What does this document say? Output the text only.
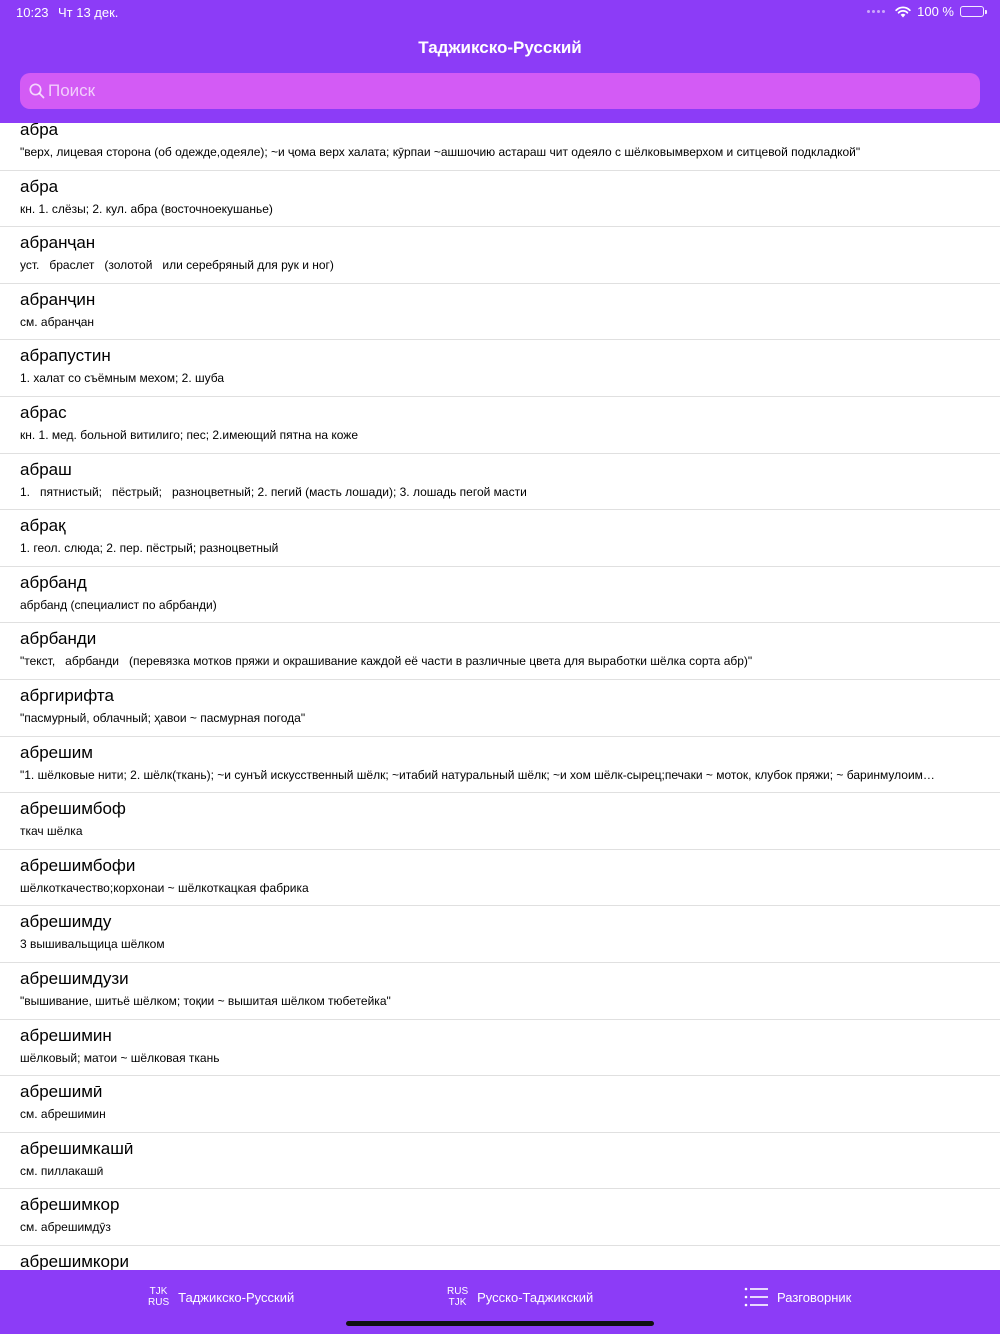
10:23 Чт 13 дек.	100 %
Таджикско-Русский
Поиск
абра
"верх, лицевая сторона (об одежде,одеяле); ~и ҷома верх халата; кӯрпаи ~ашшочию астараш чит одеяло с шёлковымверхом и ситцевой подкладкой"
абра
кн. 1. слёзы; 2. кул. абра (восточноекушанье)
абранҷан
уст.   браслет   (золотой   или серебряный для рук и ног)
абранҷин
см. абранҷан
абрапустин
1. халат со съёмным мехом; 2. шуба
абрас
кн. 1. мед. больной витилиго; пес; 2.имеющий пятна на коже
абраш
1.   пятнистый;   пёстрый;   разноцветный; 2. пегий (масть лошади); 3. лошадь пегой масти
абрақ
1. геол. слюда; 2. пер. пёстрый; разноцветный
абрбанд
абрбанд (специалист по абрбанди)
абрбанди
"текст,   абрбанди   (перевязка мотков пряжи и окрашивание каждой её части в различные цвета для выработки шёлка сорта абр)"
абргирифта
"пасмурный, облачный; ҳавои ~ пасмурная погода"
абрешим
"1. шёлковые нити; 2. шёлк(ткань); ~и сунъй искусственный шёлк; ~итабий натуральный шёлк; ~и хом шёлк-сырец;печаки ~ моток, клубок пряжи; ~ баринмулоим…
абрешимбоф
ткач шёлка
абрешимбофи
шёлкоткачество;корхонаи ~ шёлкоткацкая фабрика
абрешимду
3 вышивальщица шёлком
абрешимдузи
"вышивание, шитьё шёлком; тоқии ~ вышитая шёлком тюбетейка"
абрешимин
шёлковый; матои ~ шёлковая ткань
абрешимӣ
см. абрешимин
абрешимкашӣ
см. пиллакашӣ
абрешимкор
см. абрешимдӯз
абрешимкори
TJK
RUS Таджикско-Русский	RUS
TJK Русско-Таджикский	Разговорник
